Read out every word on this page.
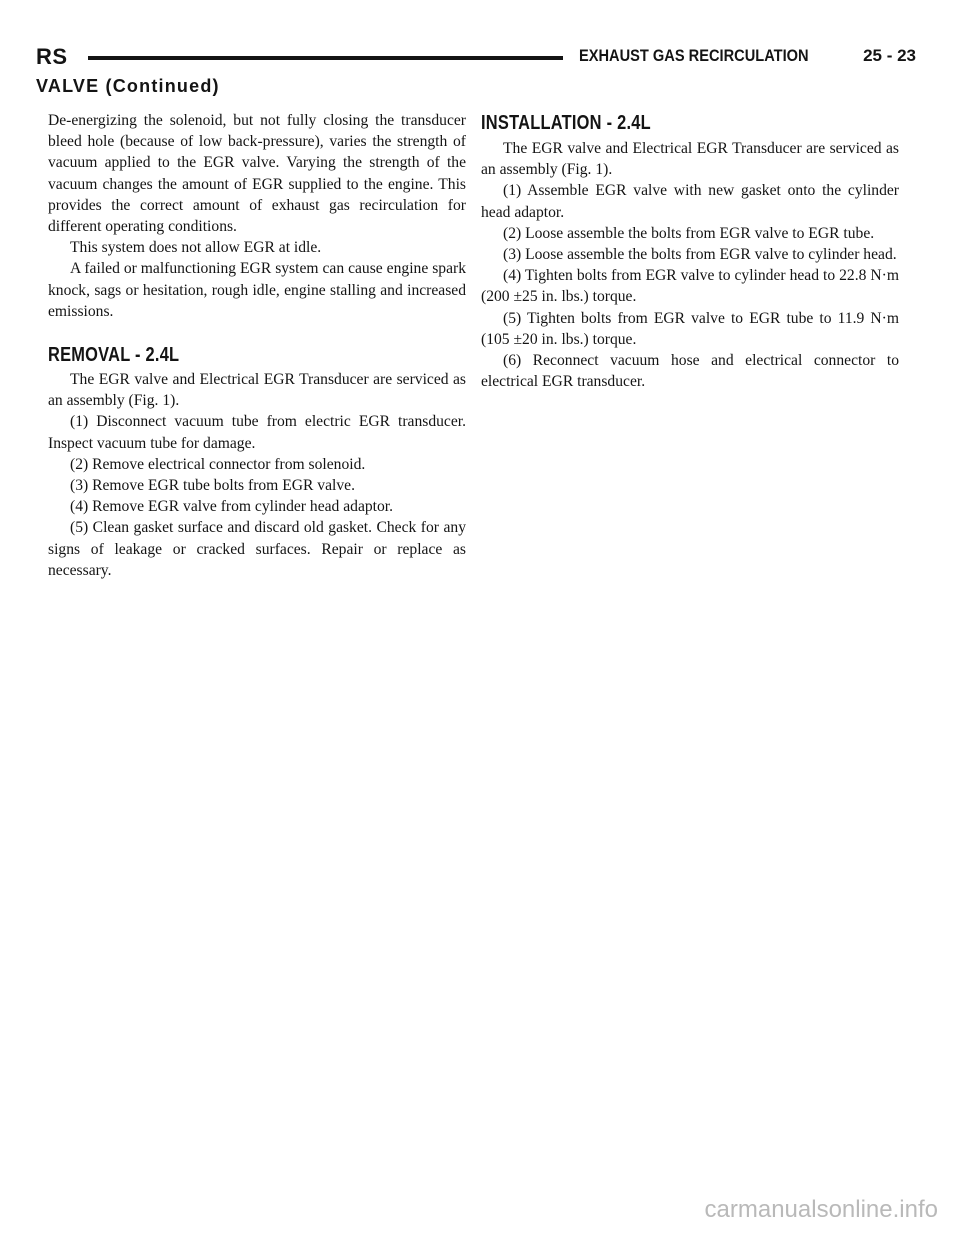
RS	EXHAUST GAS RECIRCULATION	25 - 23
VALVE (Continued)

De-energizing the solenoid, but not fully closing the transducer bleed hole (because of low back-pressure), varies the strength of vacuum applied to the EGR valve. Varying the strength of the vacuum changes the amount of EGR supplied to the engine. This provides the correct amount of exhaust gas recirculation for different operating conditions.

This system does not allow EGR at idle.

A failed or malfunctioning EGR system can cause engine spark knock, sags or hesitation, rough idle, engine stalling and increased emissions.

REMOVAL - 2.4L

The EGR valve and Electrical EGR Transducer are serviced as an assembly (Fig. 1).

(1) Disconnect vacuum tube from electric EGR transducer. Inspect vacuum tube for damage.

(2) Remove electrical connector from solenoid.

(3) Remove EGR tube bolts from EGR valve.

(4) Remove EGR valve from cylinder head adaptor.

(5) Clean gasket surface and discard old gasket. Check for any signs of leakage or cracked surfaces. Repair or replace as necessary.

INSTALLATION - 2.4L

The EGR valve and Electrical EGR Transducer are serviced as an assembly (Fig. 1).

(1) Assemble EGR valve with new gasket onto the cylinder head adaptor.

(2) Loose assemble the bolts from EGR valve to EGR tube.

(3) Loose assemble the bolts from EGR valve to cylinder head.

(4) Tighten bolts from EGR valve to cylinder head to 22.8 N·m (200 ±25 in. lbs.) torque.

(5) Tighten bolts from EGR valve to EGR tube to 11.9 N·m (105 ±20 in. lbs.) torque.

(6) Reconnect vacuum hose and electrical connector to electrical EGR transducer.

carmanualsonline.info
